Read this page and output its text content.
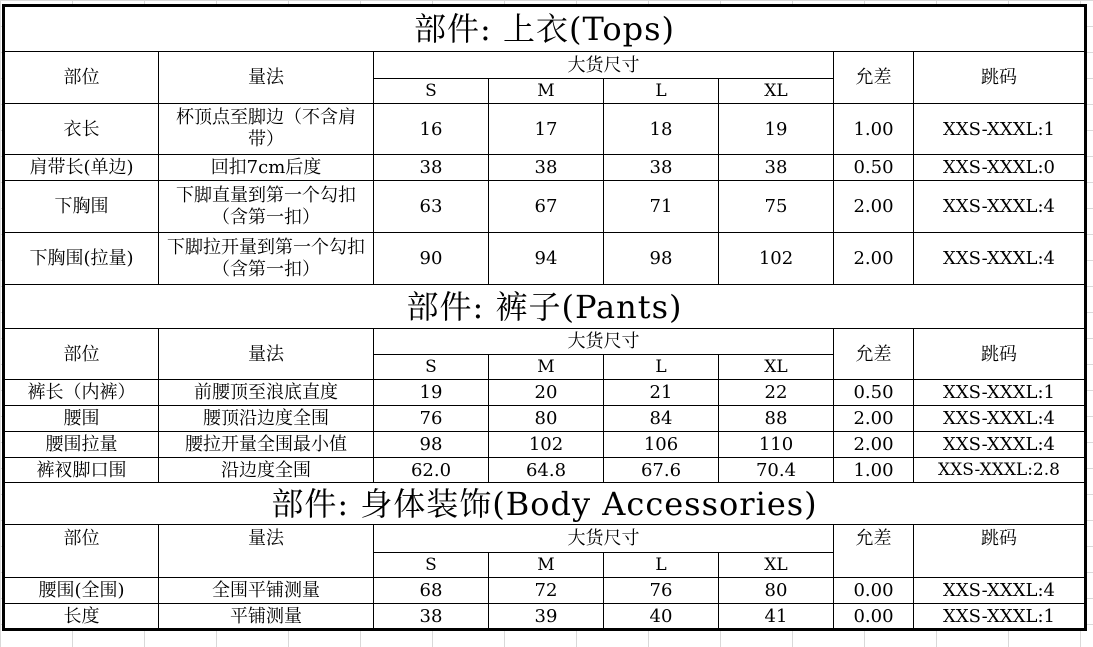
部件: 上衣(Tops)							
部位	量法	大货尺寸				允差	跳码
		S	M	L	XL		
衣长	杯顶点至脚边（不含肩带）	16	17	18	19	1.00	XXS-XXXL:1
肩带长(单边)	回扣7cm后度	38	38	38	38	0.50	XXS-XXXL:0
下胸围	下脚直量到第一个勾扣（含第一扣）	63	67	71	75	2.00	XXS-XXXL:4
下胸围(拉量)	下脚拉开量到第一个勾扣（含第一扣）	90	94	98	102	2.00	XXS-XXXL:4
部件: 裤子(Pants)							
部位	量法	大货尺寸				允差	跳码
		S	M	L	XL		
裤长（内裤）	前腰顶至浪底直度	19	20	21	22	0.50	XXS-XXXL:1
腰围	腰顶沿边度全围	76	80	84	88	2.00	XXS-XXXL:4
腰围拉量	腰拉开量全围最小值	98	102	106	110	2.00	XXS-XXXL:4
裤衩脚口围	沿边度全围	62.0	64.8	67.6	70.4	1.00	XXS-XXXL:2.8
部件: 身体装饰(Body Accessories)							
部位	量法	大货尺寸				允差	跳码
		S	M	L	XL		
腰围(全围)	全围平铺测量	68	72	76	80	0.00	XXS-XXXL:4
长度	平铺测量	38	39	40	41	0.00	XXS-XXXL:1
